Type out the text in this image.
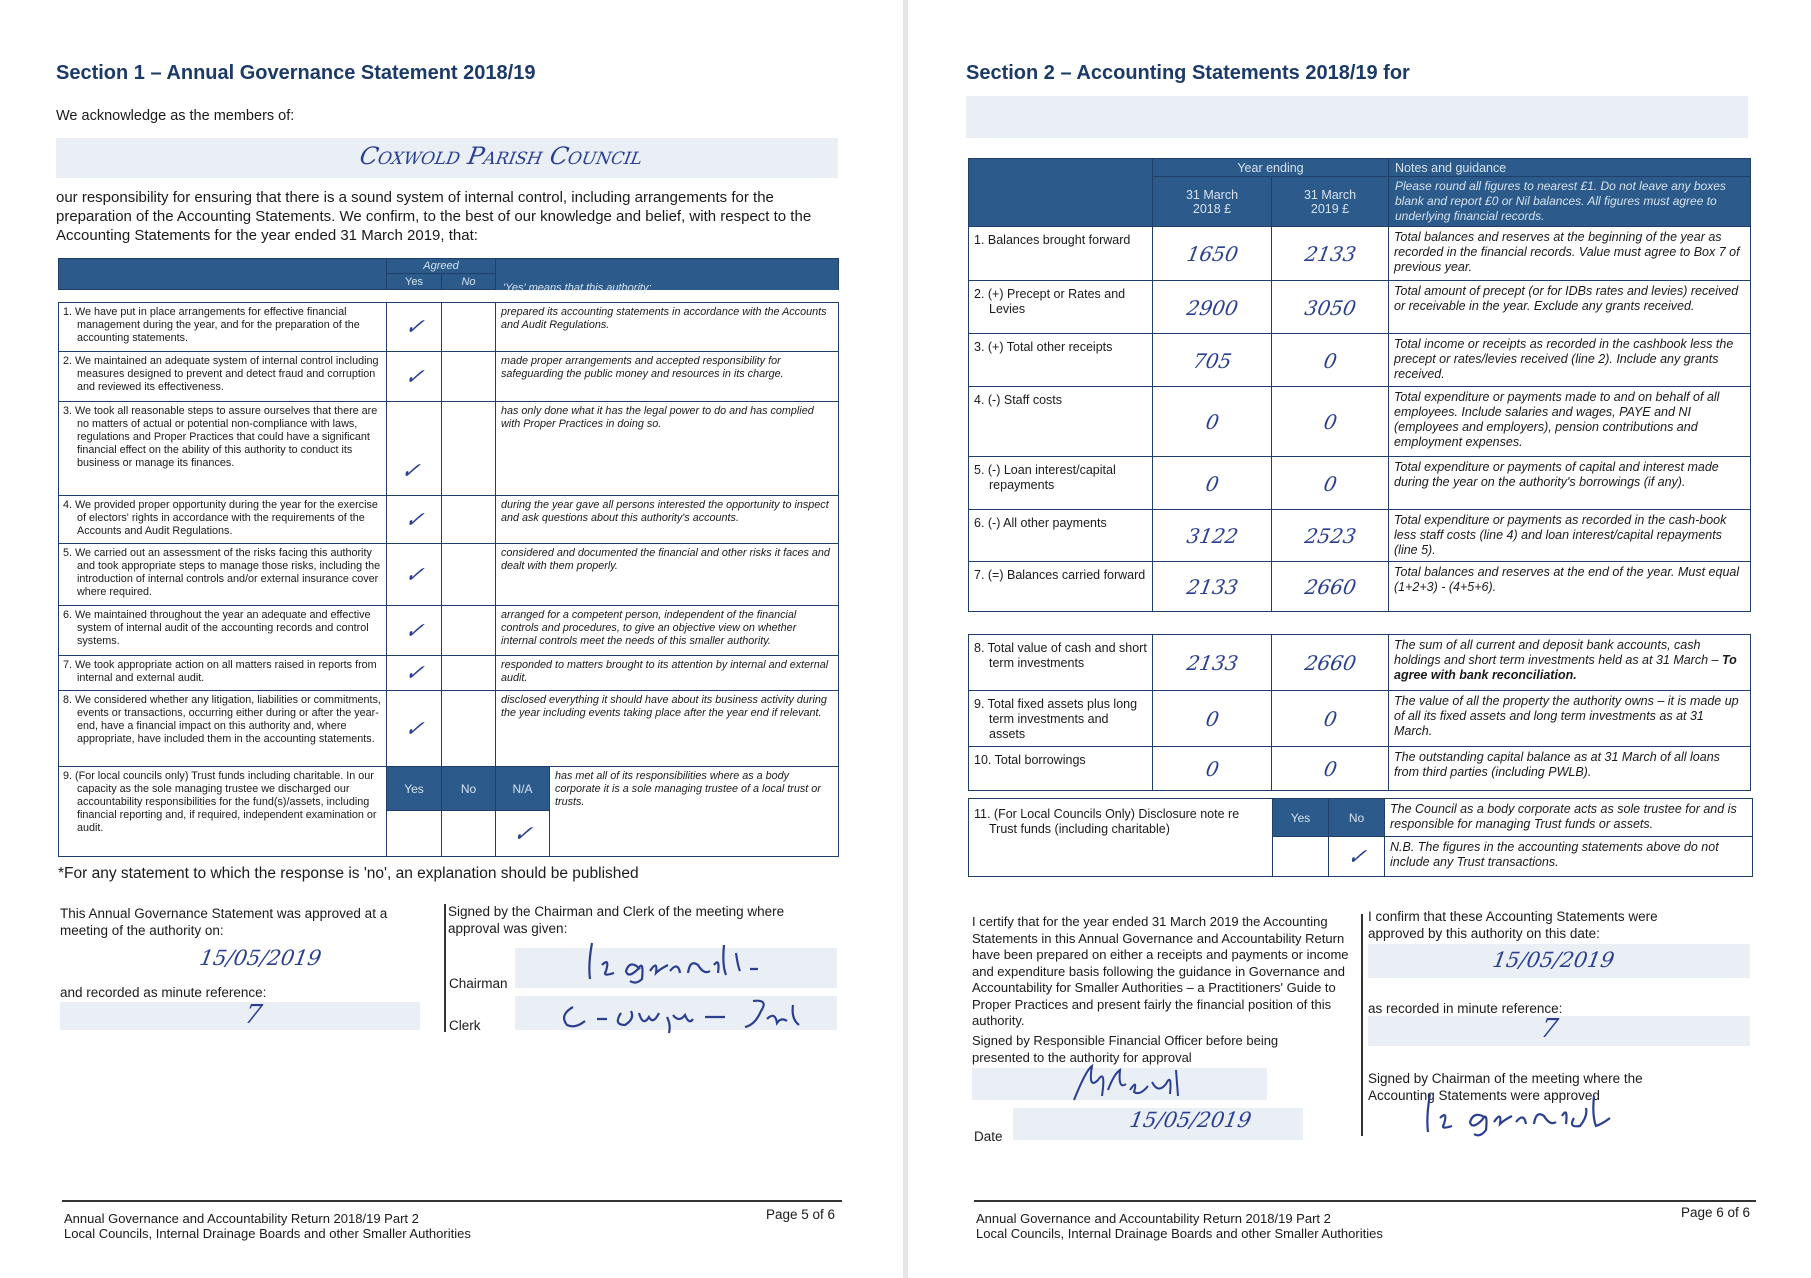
Section 1 – Annual Governance Statement 2018/19
We acknowledge as the members of:
Coxwold Parish Council
our responsibility for ensuring that there is a sound system of internal control, including arrangements for the preparation of the Accounting Statements. We confirm, to the best of our knowledge and belief, with respect to the Accounting Statements for the year ended 31 March 2019, that:
	Agreed		
	Yes	No	
'Yes' means that this authority:
1. We have put in place arrangements for effective financial management during the year, and for the preparation of the accounting statements.	✓		prepared its accounting statements in accordance with the Accounts and Audit Regulations.
2. We maintained an adequate system of internal control including measures designed to prevent and detect fraud and corruption and reviewed its effectiveness.	✓		made proper arrangements and accepted responsibility for safeguarding the public money and resources in its charge.
3. We took all reasonable steps to assure ourselves that there are no matters of actual or potential non-compliance with laws, regulations and Proper Practices that could have a significant financial effect on the ability of this authority to conduct its business or manage its finances.	✓		has only done what it has the legal power to do and has complied with Proper Practices in doing so.
4. We provided proper opportunity during the year for the exercise of electors' rights in accordance with the requirements of the Accounts and Audit Regulations.	✓		during the year gave all persons interested the opportunity to inspect and ask questions about this authority's accounts.
5. We carried out an assessment of the risks facing this authority and took appropriate steps to manage those risks, including the introduction of internal controls and/or external insurance cover where required.	✓		considered and documented the financial and other risks it faces and dealt with them properly.
6. We maintained throughout the year an adequate and effective system of internal audit of the accounting records and control systems.	✓		arranged for a competent person, independent of the financial controls and procedures, to give an objective view on whether internal controls meet the needs of this smaller authority.
7. We took appropriate action on all matters raised in reports from internal and external audit.	✓		responded to matters brought to its attention by internal and external audit.
8. We considered whether any litigation, liabilities or commitments, events or transactions, occurring either during or after the year-end, have a financial impact on this authority and, where appropriate, have included them in the accounting statements.	✓		disclosed everything it should have about its business activity during the year including events taking place after the year end if relevant.
9. (For local councils only) Trust funds including charitable. In our capacity as the sole managing trustee we discharged our accountability responsibilities for the fund(s)/assets, including financial reporting and, if required, independent examination or audit.	Yes	No	N/A	has met all of its responsibilities where as a body corporate it is a sole managing trustee of a local trust or trusts.
			✓	
*For any statement to which the response is 'no', an explanation should be published
This Annual Governance Statement was approved at a meeting of the authority on:
15/05/2019
and recorded as minute reference:
7
Signed by the Chairman and Clerk of the meeting where approval was given:
Chairman
Clerk
Annual Governance and Accountability Return 2018/19 Part 2
Local Councils, Internal Drainage Boards and other Smaller Authorities
Page 5 of 6
Section 2 – Accounting Statements 2018/19 for
	Year ending		Notes and guidance
	31 March 2018 £	31 March 2019 £	Please round all figures to nearest £1. Do not leave any boxes blank and report £0 or Nil balances. All figures must agree to underlying financial records.
1. Balances brought forward	1650	2133	Total balances and reserves at the beginning of the year as recorded in the financial records. Value must agree to Box 7 of previous year.
2. (+) Precept or Rates and Levies	2900	3050	Total amount of precept (or for IDBs rates and levies) received or receivable in the year. Exclude any grants received.
3. (+) Total other receipts	705	0	Total income or receipts as recorded in the cashbook less the precept or rates/levies received (line 2). Include any grants received.
4. (-) Staff costs	0	0	Total expenditure or payments made to and on behalf of all employees. Include salaries and wages, PAYE and NI (employees and employers), pension contributions and employment expenses.
5. (-) Loan interest/capital repayments	0	0	Total expenditure or payments of capital and interest made during the year on the authority's borrowings (if any).
6. (-) All other payments	3122	2523	Total expenditure or payments as recorded in the cash-book less staff costs (line 4) and loan interest/capital repayments (line 5).
7. (=) Balances carried forward	2133	2660	Total balances and reserves at the end of the year. Must equal (1+2+3) - (4+5+6).
8. Total value of cash and short term investments	2133	2660	The sum of all current and deposit bank accounts, cash holdings and short term investments held as at 31 March – To agree with bank reconciliation.
9. Total fixed assets plus long term investments and assets	0	0	The value of all the property the authority owns – it is made up of all its fixed assets and long term investments as at 31 March.
10. Total borrowings	0	0	The outstanding capital balance as at 31 March of all loans from third parties (including PWLB).
11. (For Local Councils Only) Disclosure note re Trust funds (including charitable)	Yes	No	The Council as a body corporate acts as sole trustee for and is responsible for managing Trust funds or assets.
		✓	N.B. The figures in the accounting statements above do not include any Trust transactions.
I certify that for the year ended 31 March 2019 the Accounting Statements in this Annual Governance and Accountability Return have been prepared on either a receipts and payments or income and expenditure basis following the guidance in Governance and Accountability for Smaller Authorities – a Practitioners' Guide to Proper Practices and present fairly the financial position of this authority.
Signed by Responsible Financial Officer before being presented to the authority for approval
15/05/2019
Date
I confirm that these Accounting Statements were approved by this authority on this date:
15/05/2019
as recorded in minute reference:
7
Signed by Chairman of the meeting where the Accounting Statements were approved
Annual Governance and Accountability Return 2018/19 Part 2
Local Councils, Internal Drainage Boards and other Smaller Authorities
Page 6 of 6
